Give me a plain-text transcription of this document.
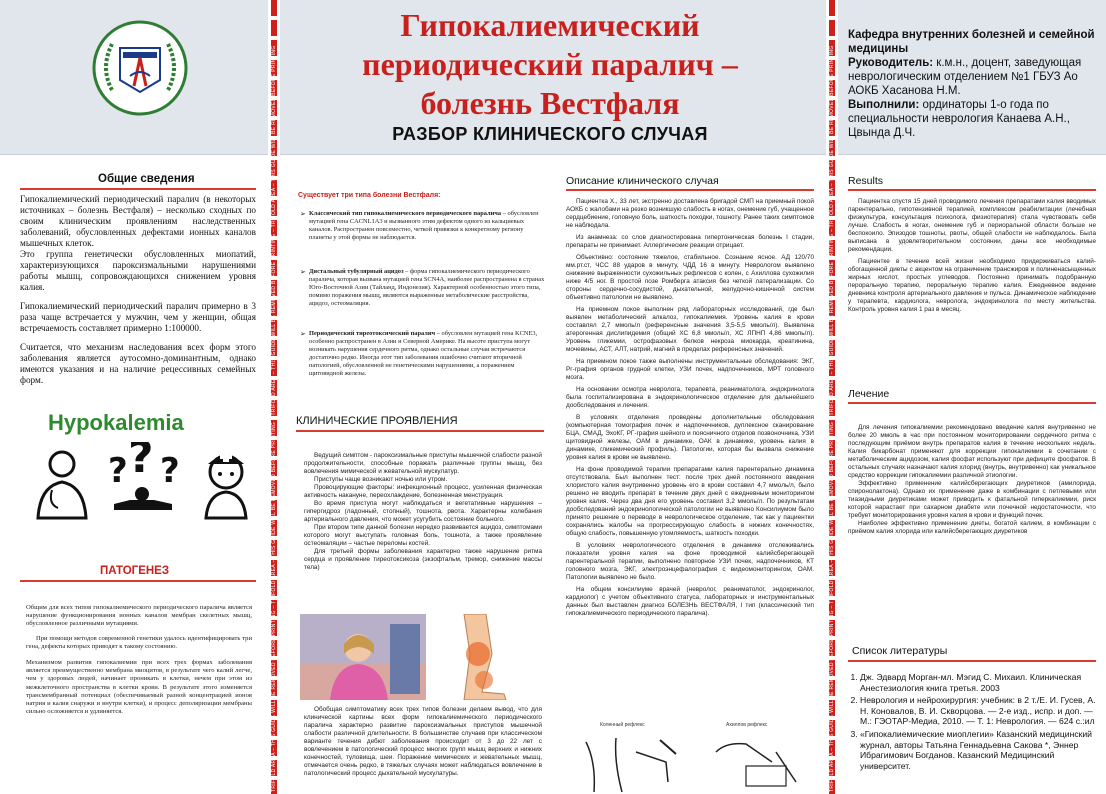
TRIFOLD AREA – THIS GUIDE WILL BE REMOVED BEFORE PRINTING – TRIFOLD AREA – THIS GUIDE WILL BE REMOVED BEFORE PRINTING – TRIFOLD AREA – THIS GUIDE WILL BE REMOVED BEFORE PRINTING – TRIFOLD AREA – THIS GUIDE WILL BE REMOVED BEFORE PRINTING	TRIFOLD AREA – THIS GUIDE WILL BE REMOVED BEFORE PRINTING – TRIFOLD AREA – THIS GUIDE WILL BE REMOVED BEFORE PRINTING – TRIFOLD AREA – THIS GUIDE WILL BE REMOVED BEFORE PRINTING – TRIFOLD AREA – THIS GUIDE WILL BE REMOVED BEFORE PRINTING
Гипокалиемический
периодический паралич –
болезнь Вестфаля
РАЗБОР КЛИНИЧЕСКОГО СЛУЧАЯ
Кафедра внутренних болезней и семейной медицины
Руководитель: к.м.н., доцент, заведующая неврологическим отделением №1 ГБУЗ Ао АОКБ Хасанова Н.М.
Выполнили: ординаторы 1-о года по специальности неврология Канаева А.Н., Цвында Д.Ч.
Общие сведения
Гипокалиемический периодический паралич (в некоторых источниках – болезнь Вестфаля) – несколько сходных по своим клиническим проявлениям наследственных заболеваний, обусловленных дефектами ионных каналов мышечных клеток.
Это группа генетически обусловленных миопатий, характеризующихся пароксизмальными нарушениями работы мышц, сопровождающихся снижением уровня калия.
Гипокалиемический периодический паралич примерно в 3 раза чаще встречается у мужчин, чем у женщин, общая встречаемость составляет примерно 1:100000.
Считается, что механизм наследования всех форм этого заболевания является аутосомно-доминантным, однако имеются указания и на наличие рецессивных семейных форм.
Hypokalemia
? ? ?
ПАТОГЕНЕЗ
Общим для всех типов гипокалиемического периодического паралича является нарушение функционирования ионных каналов мембран скелетных мышц, обусловленное различными мутациями.
При помощи методов современной генетики удалось идентифицировать три гена, дефекты которых приводят к такому состоянию.
Механизмом развития гипокалиемии при всех трех формах заболевания является преимущественно мембрана миоцитов, в результате чего калий легче, чем у здоровых людей, начинает проникать в клетки, нечем при этом из межклеточного пространства в клетки крови. В результате этого изменяется трансмембранный потенциал (обеспечиваемый разной концентрацией ионов натрия и калия снаружи и внутри клетки), и процесс деполяризации мембраны сильно осложняется и удлиняется.
Существует три типа болезни Вестфаля:
➢ Классический тип гипокалиемического периодического паралича – обусловлен мутацией гена CACNL1A3 и вызванного этим дефектом одного из кальциевых каналов. Распространен повсеместно, четкой привязки к конкретному региону планеты у этой формы не наблюдается.
➢ Дистальный тубулярный ацидоз – форма гипокалиемического периодического паралича, которая вызвана мутацией гена SCN4A, наиболее распространена в странах Юго-Восточной Азии (Тайланд, Индонезия). Характерной особенностью этого типа, помимо поражения мышц, являются выраженные метаболические расстройства, ацидоз, остеомаляция.
➢ Периодический тиреотоксический паралич – обусловлен мутацией гена KCNE3, особенно распространен в Азии и Северной Америке. На высоте приступа могут возникать нарушения сердечного ритма, однако остальные случаи встречаются достаточно редко. Иногда этот тип заболевания ошибочно считают вторичной патологией, обусловленной не генетическими нарушениями, а поражением щитовидной железы.
КЛИНИЧЕСКИЕ ПРОЯВЛЕНИЯ
Ведущий симптом - пароксизмальные приступы мышечной слабости разной продолжительности, способные поражать различные группы мышц, без вовлечения мимической и жевательной мускулатур.
Приступы чаще возникают ночью или утром.
Провоцирующие факторы: инфекционный процесс, усиленная физическая активность накануне, переохлаждение, болезненная менструация.
Во время приступа могут наблюдаться и вегетативные нарушения – гипергидроз (ладонный, стопный), тошнота, рвота. Характерны колебания артериального давления, что может усугубить состояние больного.
При втором типе данной болезни нередко развивается ацидоз, симптомами которого могут выступать головная боль, тошнота, а также проявление остеомаляции – частые переломы костей.
Для третьей формы заболевания характерно также нарушение ритма сердца и проявление тиреотоксикоза (экзофтальм, тремор, снижение массы тела)
Обобщая симптоматику всех трех типов болезни делаем вывод, что для клинической картины всех форм гипокалиемического периодического паралича характерно развитие пароксизмальных приступов мышечной слабости различной длительности. В большинстве случаев при классическом варианте течения дебют заболевания происходит от 3 до 22 лет с вовлечением в патологический процесс многих групп мышц верхних и нижних конечностей, туловища, шеи. Поражение мимических и жевательных мышц, отмечается очень редко, в тяжелых случаях может наблюдаться вовлечение в патологический процесс дыхательной мускулатуры.
Описание клинического случая
Пациентка Х., 33 лет, экстренно доставлена бригадой СМП на приемный покой АОКБ с жалобами на резко возникшую слабость в ногах, онемение губ, учащенное сердцебиение, головную боль, шаткость походки, тошноту. Ранее таких симптомов не наблюдала.
Из анамнеза: со слов диагностирована гипертоническая болезнь I стадии, препараты не принимает. Аллергические реакции отрицает.
Объективно: состояние тяжелое, стабильное. Сознание ясное. АД 120/70 мм.рт.ст, ЧСС 88 ударов в минуту, ЧДД 16 в минуту. Неврологом выявлено снижение выраженности сухожильных рефлексов с колен, с Ахиллова сухожилия ниже 4/5 ног. В простой позе Ромберга атаксия без четкой латерализации. Со стороны сердечно-сосудистой, дыхательной, желудочно-кишечной систем объективно патологии не выявлено.
На приемном покое выполнен ряд лабораторных исследований, где был выявлен метаболический алкалоз, гипокалиемия. Уровень калия в крови составлял 2,7 ммоль/л (референсные значения 3,5-5,5 ммоль/л). Выявлена атерогенная дислипидемия (общий ХС 6,8 ммоль/л, ХС ЛПНП 4,86 ммоль/л). Уровень гликемии, острофазовых белков некроза миокарда, креатинина, мочевины, АСТ, АЛТ, натрий, магний в пределах референсных значений.
На приемном покое также выполнены инструментальные обследования: ЭКГ, Рг-графия органов грудной клетки, УЗИ почек, надпочечников, МРТ головного мозга.
На основании осмотра невролога, терапевта, реаниматолога, эндокринолога была госпитализирована в эндокринологическое отделение для дальнейшего дообследования и лечения.
В условиях отделения проведены дополнительные обследования (компьютерная томография почек и надпочечников, дуплексное сканирование БЦА, СМАД, ЭхоКГ, РГ-графия шейного и поясничного отделов позвоночника, УЗИ щитовидной железы, ОАМ в динамике, ОАК в динамике, уровень калия в динамике, гликемический профиль). Патологии, которая бы вызвала снижение уровня калия в крови не выявлено.
На фоне проводимой терапии препаратами калия парентерально динамика отсутствовала. Был выполнен тест: после трех дней постоянного введения хлористого калия внутривенно уровень его в крови составил 4,7 ммоль/л, было решено не вводить препарат в течение двух дней с ежедневным мониторингом уровня калия. Через два дня его уровень составил 3,2 ммоль/л. По результатам дообследований эндокринологической патологии не выявлено Консилиумом было принято решение о переводе в неврологическое отделение, так как у пациентки сохранялись жалобы на прогрессирующую слабость в нижних конечностях, общую слабость, повышенную утомляемость, шаткость походки.
В условиях неврологического отделения в динамике отслеживались показатели уровня калия на фоне проводимой калийсберегающей парентеральной терапии, выполнено повторное УЗИ почек, надпочечников, КТ головного мозга, ЭКГ, электроэнцефалография с видеомониторингом, ОАМ. Патологии выявлено не было.
На общем консилиуме врачей (невролог, реаниматолог, эндокринолог, кардиолог) с учетом объективного статуса, лабораторных и инструментальных данных был выставлен диагноз БОЛЕЗНЬ ВЕСТФАЛЯ, I тип (классический тип гипокалиемического периодического паралича).
Коленный рефлекс	Ахиллов рефлекс
Results
Пациентка спустя 15 дней проводимого лечения препаратами калия вводимых парентерально, гипотензивной терапией, комплексом реабилитации (лечебная физкультура, консультация психолога, физиотерапия) стала чувствовать себя лучше. Слабость в ногах, онемение губ и периоральной области больше не беспокоило. Эпизодов тошноты, рвоты, общей слабости не наблюдалось. Была выписана в удовлетворительном состоянии, даны все необходимые рекомендации.
Пациентке в течение всей жизни необходимо придерживаться калий-обогащенной диеты с акцентом на ограничение трансжиров и полиненасыщенных жирных кислот, простых углеводов. Постоянно принимать подобранную пероральную терапию, пероральную терапию калия. Ежедневное ведение дневника контроля артериального давления и пульса. Динамическое наблюдение у терапевта, кардиолога, невролога, эндокринолога по месту жительства. Контроль уровня калия 1 раз в месяц.
Лечение
Для лечения гипокалиемии рекомендовано введение калия внутривенно не более 20 ммоль в час при постоянном мониторировании сердечного ритма с последующим приёмом внутрь препаратов калия в течение нескольких недель. Калия бикарбонат применяют для коррекции гипокалиемии в сочетании с метаболическим ацидозом, калия фосфат используют при дефиците фосфатов. В остальных случаях назначают калия хлорид (внутрь, внутривенно) как уникальное средство коррекции гипокалиемии различной этиологии.
Эффективно применение калийсберегающих диуретиков (амилорида, спиронолактона). Однако их применение даже в комбинации с петлевыми или тиазидными диуретиками может приводить к фатальной гиперкалиемии, риск которой нарастает при сахарном диабете или почечной недостаточности, что требует мониторирования уровня калия в крови и функций почек.
Наиболее эффективно применение диеты, богатой калием, в комбинации с приёмом калия хлорида или калийсберегающих диуретиков
Список литературы
1. Дж. Эдвард Морган-мл. Мэгид С. Михаил. Клиническая Анестезиология книга третья. 2003
2. Неврология и нейрохирургия: учебник: в 2 т./Е. И. Гусев, А. Н. Коновалов, В. И. Скворцова. — 2-е изд., испр. и доп. — М.: ГЭОТАР-Медиа, 2010. — Т. 1: Неврология. — 624 с.:ил
3. «Гипокалиемические миоплегии» Казанский медицинский журнал, авторы Татьяна Геннадьевна Сакова *, Эннер Ибрагимович Богданов. Казанский Медицинский университет.
